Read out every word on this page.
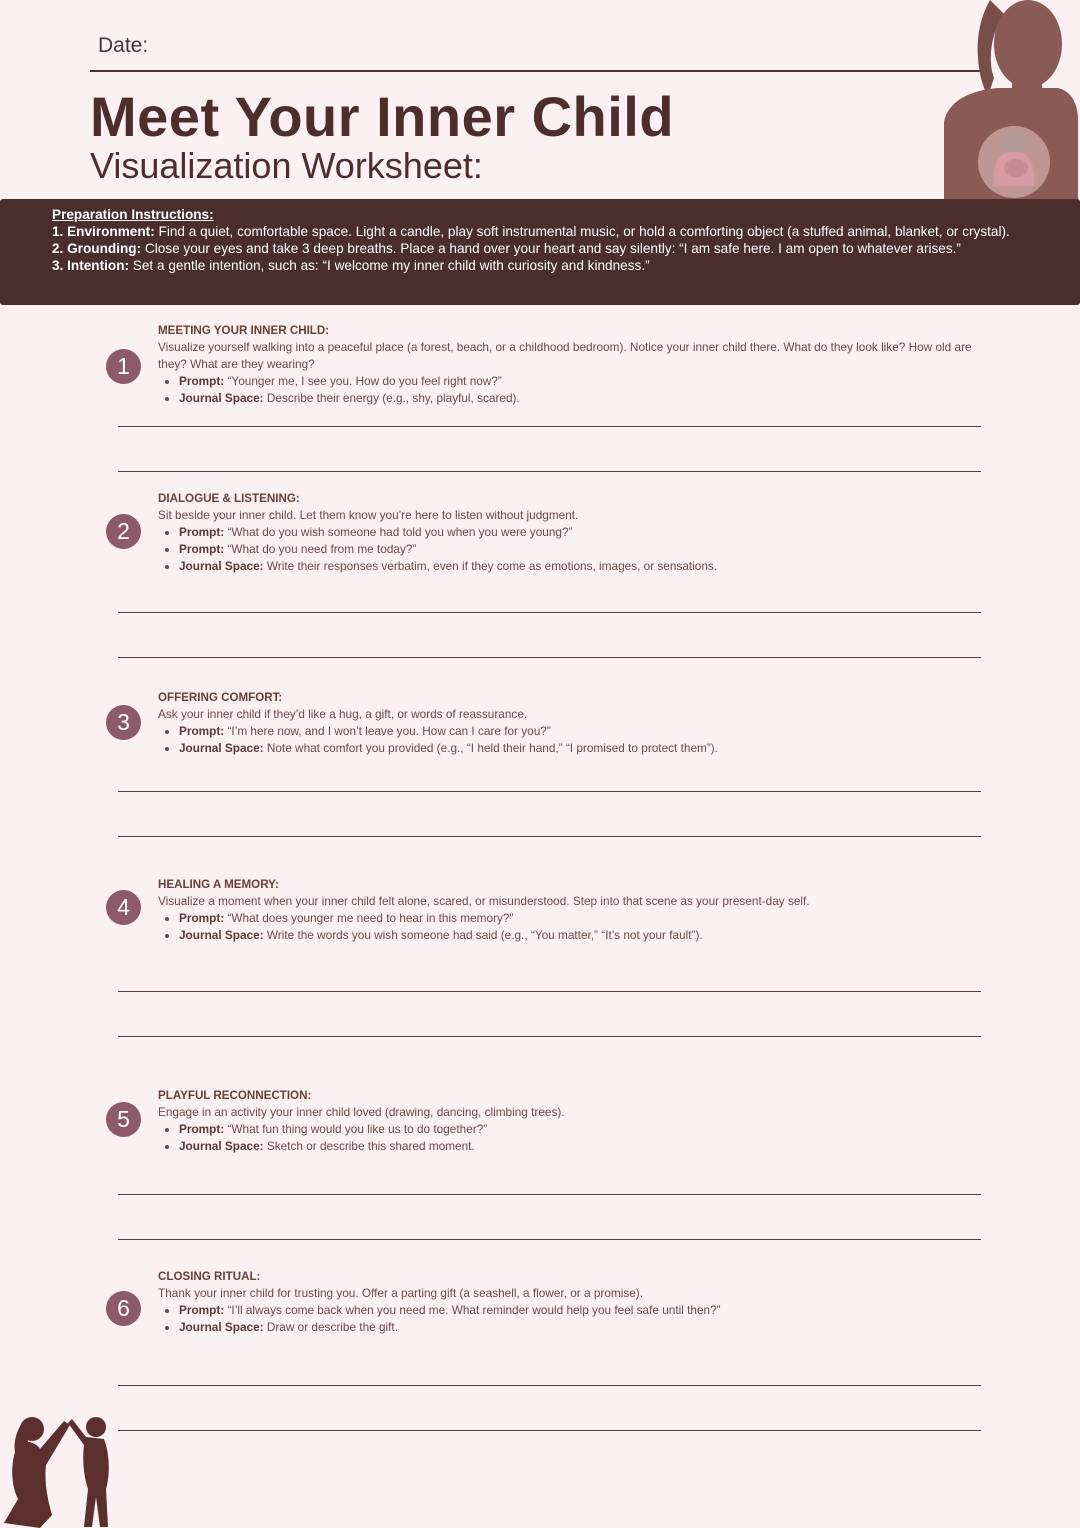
Date:
Meet Your Inner Child
Visualization Worksheet:

Preparation Instructions:

1. Environment: Find a quiet, comfortable space. Light a candle, play soft instrumental music, or hold a comforting object (a stuffed animal, blanket, or crystal).

2. Grounding: Close your eyes and take 3 deep breaths. Place a hand over your heart and say silently: “I am safe here. I am open to whatever arises.”

3. Intention: Set a gentle intention, such as: “I welcome my inner child with curiosity and kindness.”

1

MEETING YOUR INNER CHILD:

Visualize yourself walking into a peaceful place (a forest, beach, or a childhood bedroom). Notice your inner child there. What do they look like? How old are they? What are they wearing?

Prompt: “Younger me, I see you. How do you feel right now?”
Journal Space: Describe their energy (e.g., shy, playful, scared).
2

DIALOGUE & LISTENING:

Sit beside your inner child. Let them know you’re here to listen without judgment.

Prompt: “What do you wish someone had told you when you were young?”
Prompt: “What do you need from me today?”
Journal Space: Write their responses verbatim, even if they come as emotions, images, or sensations.
3

OFFERING COMFORT:

Ask your inner child if they’d like a hug, a gift, or words of reassurance.

Prompt: “I’m here now, and I won’t leave you. How can I care for you?”
Journal Space: Note what comfort you provided (e.g., “I held their hand,” “I promised to protect them”).
4

HEALING A MEMORY:

Visualize a moment when your inner child felt alone, scared, or misunderstood. Step into that scene as your present-day self.

Prompt: “What does younger me need to hear in this memory?”
Journal Space: Write the words you wish someone had said (e.g., “You matter,” “It’s not your fault”).
5

PLAYFUL RECONNECTION:

Engage in an activity your inner child loved (drawing, dancing, climbing trees).

Prompt: “What fun thing would you like us to do together?”
Journal Space: Sketch or describe this shared moment.
6

CLOSING RITUAL:

Thank your inner child for trusting you. Offer a parting gift (a seashell, a flower, or a promise).

Prompt: “I’ll always come back when you need me. What reminder would help you feel safe until then?”
Journal Space: Draw or describe the gift.
